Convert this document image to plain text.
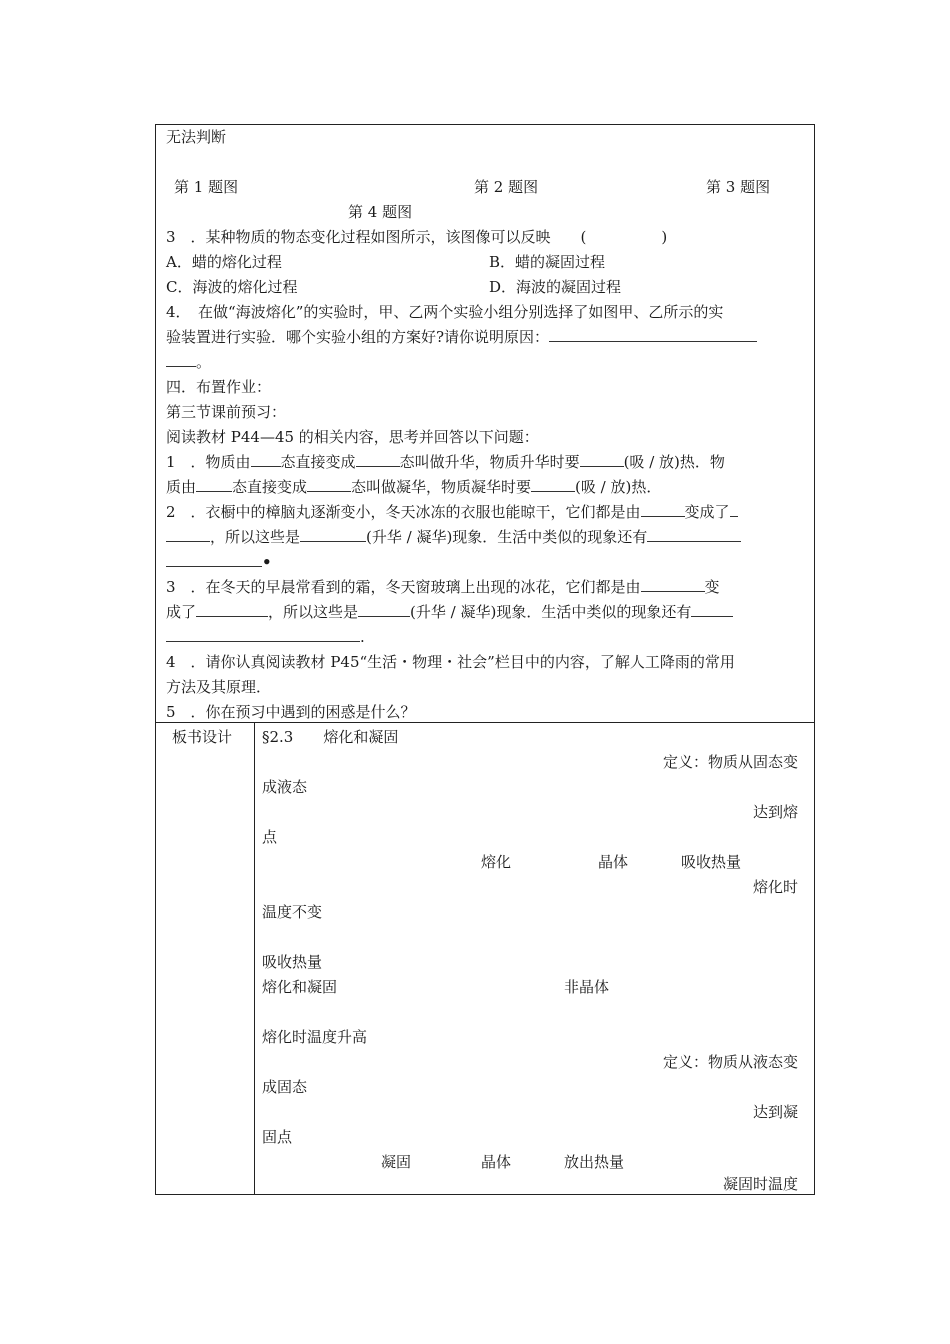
无法判断
第 1 题图	第 2 题图	第 3 题图
第 4 题图
3　．某种物质的物态变化过程如图所示，该图像可以反映　　(　　　　　)
A．蜡的熔化过程	B．蜡的凝固过程
C．海波的熔化过程	D．海波的凝固过程
4．　在做“海波熔化”的实验时，甲、乙两个实验小组分别选择了如图甲、乙所示的实
验装置进行实验．哪个实验小组的方案好?请你说明原因：
。
四．布置作业：
第三节课前预习：
阅读教材 P44—45 的相关内容，思考并回答以下问题：
1　．物质由 态直接变成	态叫做升华，物质升华时要	(吸 / 放)热．物
质由 态直接变成	态叫做凝华，物质凝华时要	(吸 / 放)热．
2　．衣橱中的樟脑丸逐渐变小，冬天冰冻的衣服也能晾干，它们都是由	变成了
，所以这些是	(升华 / 凝华)现象．生活中类似的现象还有
•
3　．在冬天的早晨常看到的霜，冬天窗玻璃上出现的冰花，它们都是由	变
成了	，所以这些是	(升华 / 凝华)现象．生活中类似的现象还有
.
4　．请你认真阅读教材 P45“生活・物理・社会”栏目中的内容，了解人工降雨的常用
方法及其原理．
5　．你在预习中遇到的困惑是什么？
板书设计 §2.3　　熔化和凝固
定义：物质从固态变
成液态
达到熔
点
熔化	晶体	吸收热量
熔化时
温度不变
吸收热量
熔化和凝固	非晶体
熔化时温度升高
定义：物质从液态变
成固态
达到凝
固点
凝固	晶体	放出热量
凝固时温度
